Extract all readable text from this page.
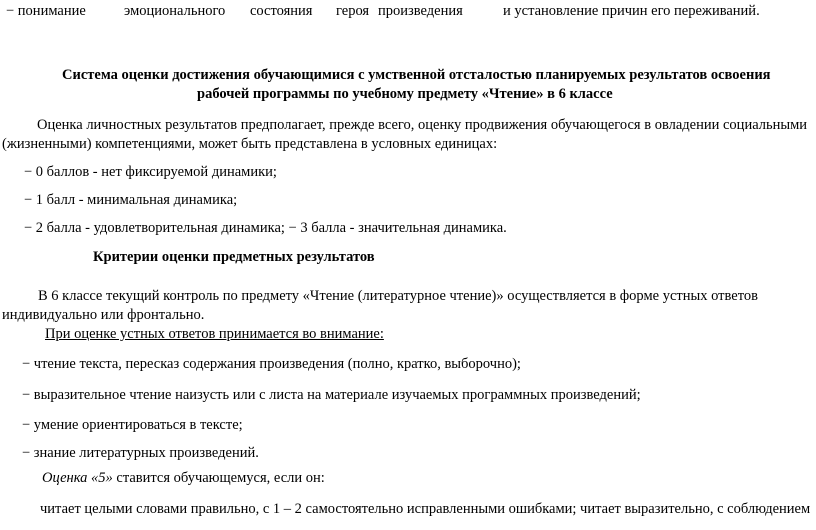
− понимание	эмоционального состояния героя произведения	и установление причин его переживаний.
Система оценки достижения обучающимися с умственной отсталостью планируемых результатов освоения
рабочей программы по учебному предмету «Чтение» в 6 классе
Оценка личностных результатов предполагает, прежде всего, оценку продвижения обучающегося в овладении социальными
(жизненными) компетенциями, может быть представлена в условных единицах:
− 0 баллов - нет фиксируемой динамики;
− 1 балл - минимальная динамика;
− 2 балла - удовлетворительная динамика; − 3 балла - значительная динамика.
Критерии оценки предметных результатов
В 6 классе текущий контроль по предмету «Чтение (литературное чтение)» осуществляется в форме устных ответов
индивидуально или фронтально.
При оценке устных ответов принимается во внимание:
− чтение текста, пересказ содержания произведения (полно, кратко, выборочно);
− выразительное чтение наизусть или с листа на материале изучаемых программных произведений;
− умение ориентироваться в тексте;
− знание литературных произведений.
Оценка «5» ставится обучающемуся, если он:
читает целыми словами правильно, с 1 – 2 самостоятельно исправленными ошибками; читает выразительно, с соблюдением
